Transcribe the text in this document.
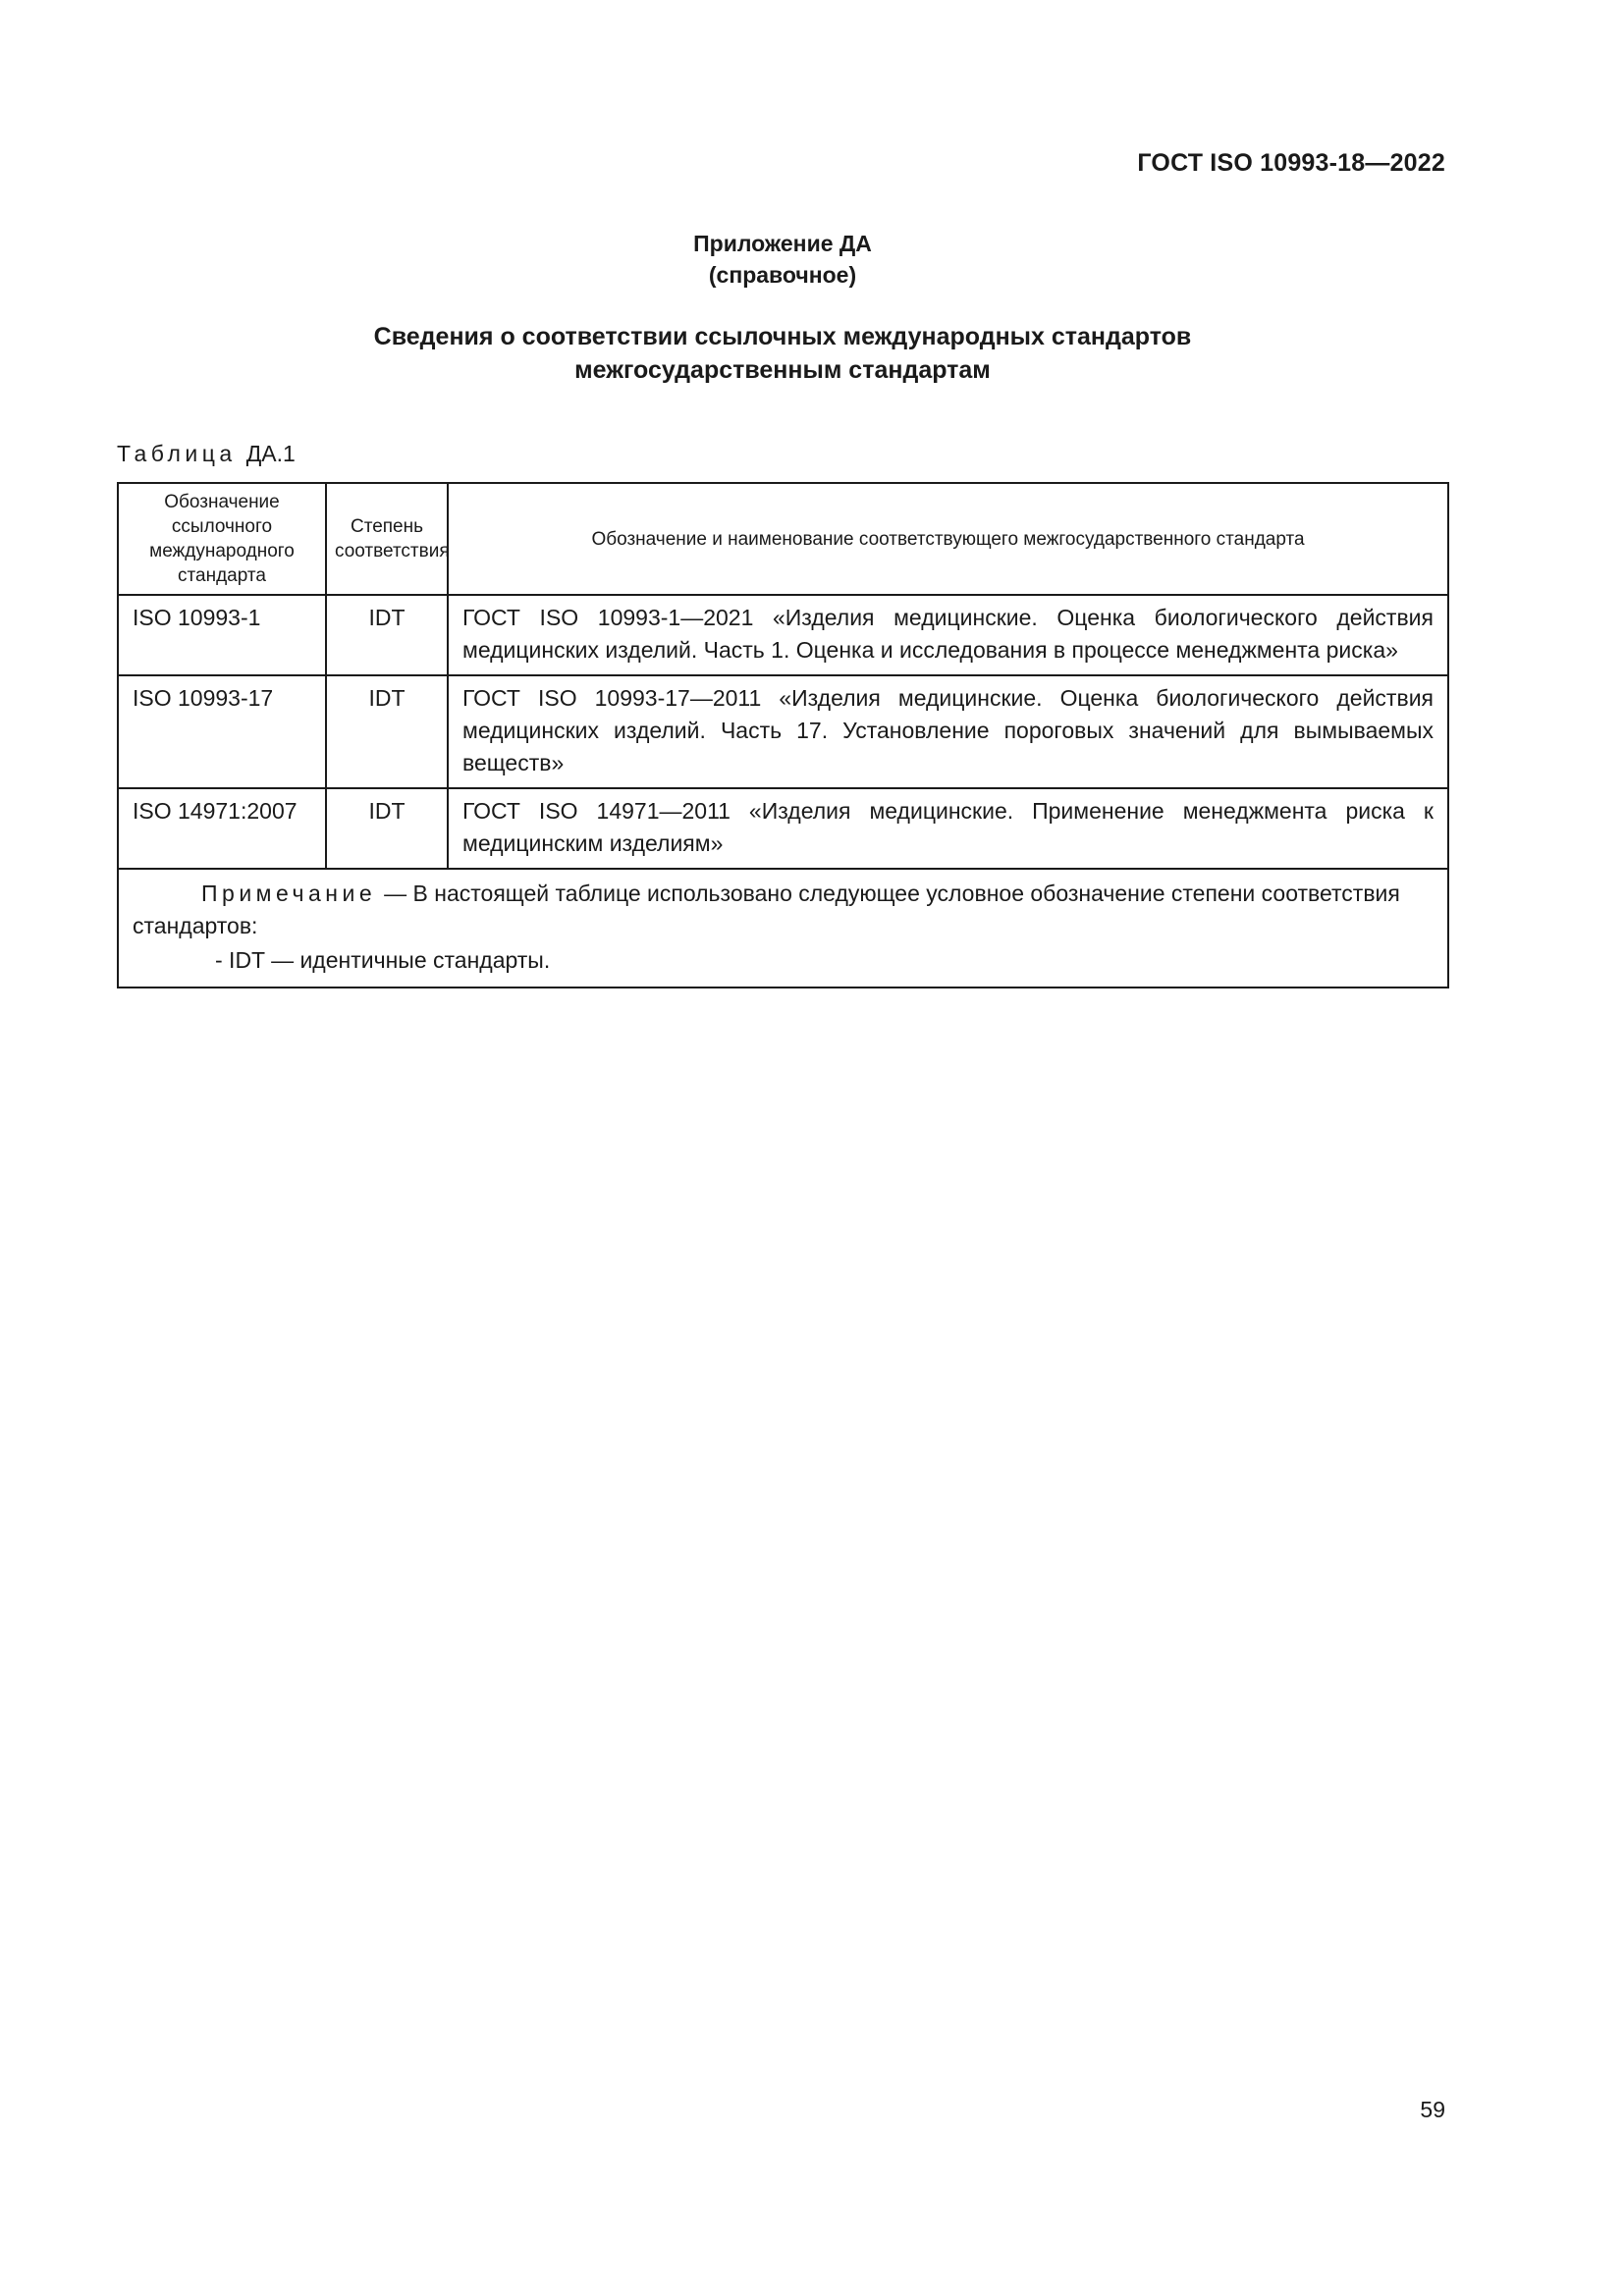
ГОСТ ISO 10993-18—2022
Приложение ДА
(справочное)
Сведения о соответствии ссылочных международных стандартов
межгосударственным стандартам
Таблица ДА.1
Обозначение ссылочного международного стандарта	Степень соответствия	Обозначение и наименование соответствующего межгосударственного стандарта
ISO 10993-1	IDT	ГОСТ ISO 10993-1—2021 «Изделия медицинские. Оценка биологического действия медицинских изделий. Часть 1. Оценка и исследования в процессе менеджмента риска»
ISO 10993-17	IDT	ГОСТ ISO 10993-17—2011 «Изделия медицинские. Оценка биологического действия медицинских изделий. Часть 17. Установление пороговых значений для вымываемых веществ»
ISO 14971:2007	IDT	ГОСТ ISO 14971—2011 «Изделия медицинские. Применение менеджмента риска к медицинским изделиям»

Примечание — В настоящей таблице использовано следующее условное обозначение степени соответствия стандартов:
- IDT — идентичные стандарты.		
59
